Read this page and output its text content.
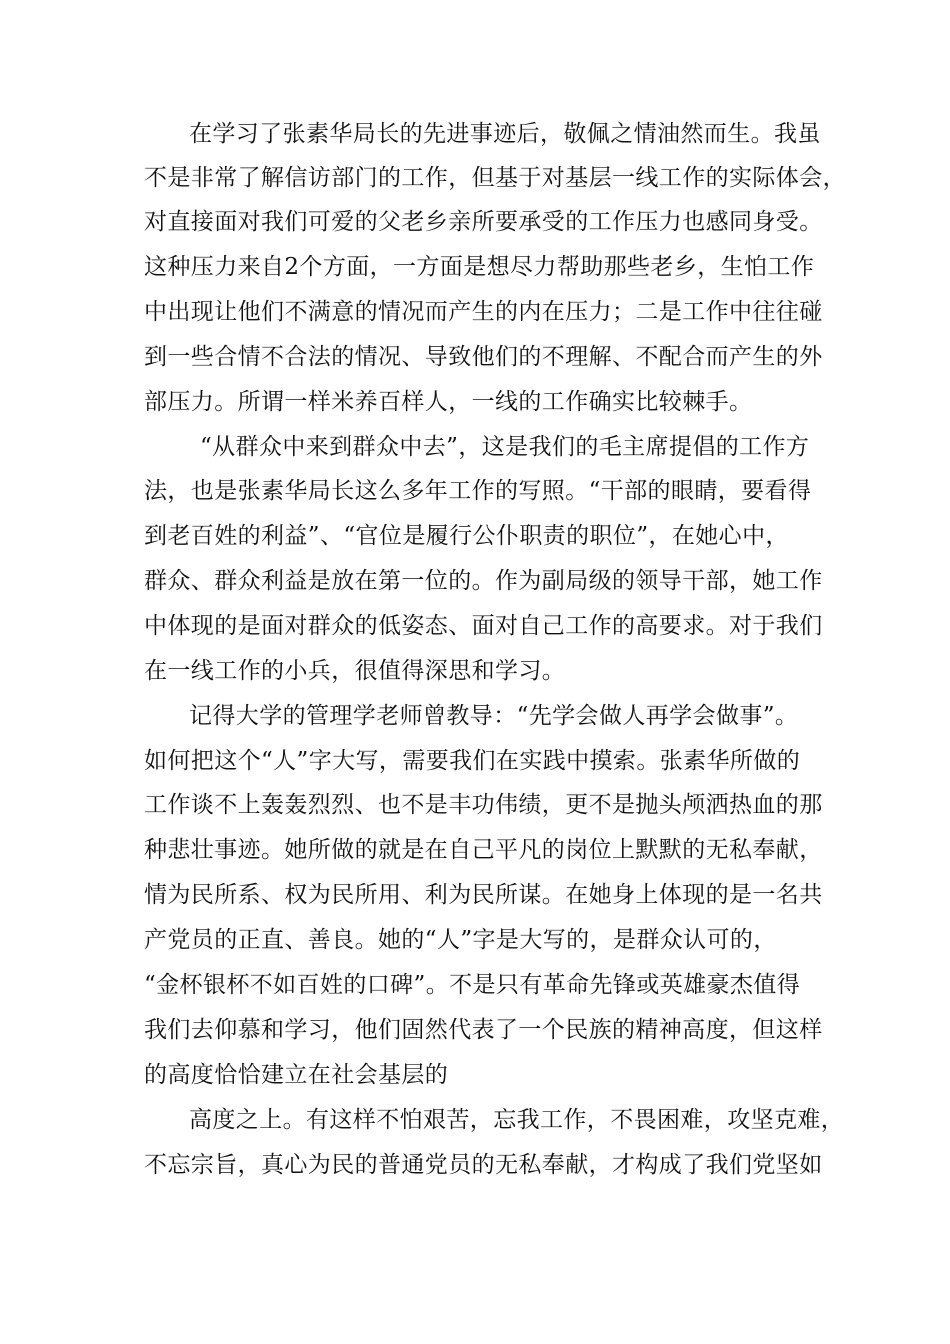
在学习了张素华局长的先进事迹后，敬佩之情油然而生。我虽
不是非常了解信访部门的工作，但基于对基层一线工作的实际体会，
对直接面对我们可爱的父老乡亲所要承受的工作压力也感同身受。
这种压力来自2个方面，一方面是想尽力帮助那些老乡，生怕工作
中出现让他们不满意的情况而产生的内在压力；二是工作中往往碰
到一些合情不合法的情况、导致他们的不理解、不配合而产生的外
部压力。所谓一样米养百样人，一线的工作确实比较棘手。
“从群众中来到群众中去”，这是我们的毛主席提倡的工作方
法，也是张素华局长这么多年工作的写照。“干部的眼睛，要看得
到老百姓的利益”、“官位是履行公仆职责的职位”，在她心中，
群众、群众利益是放在第一位的。作为副局级的领导干部，她工作
中体现的是面对群众的低姿态、面对自己工作的高要求。对于我们
在一线工作的小兵，很值得深思和学习。
记得大学的管理学老师曾教导：“先学会做人再学会做事”。
如何把这个“人”字大写，需要我们在实践中摸索。张素华所做的
工作谈不上轰轰烈烈、也不是丰功伟绩，更不是抛头颅洒热血的那
种悲壮事迹。她所做的就是在自己平凡的岗位上默默的无私奉献，
情为民所系、权为民所用、利为民所谋。在她身上体现的是一名共
产党员的正直、善良。她的“人”字是大写的，是群众认可的，
“金杯银杯不如百姓的口碑”。不是只有革命先锋或英雄豪杰值得
我们去仰慕和学习，他们固然代表了一个民族的精神高度，但这样
的高度恰恰建立在社会基层的
高度之上。有这样不怕艰苦，忘我工作，不畏困难，攻坚克难，
不忘宗旨，真心为民的普通党员的无私奉献，才构成了我们党坚如
